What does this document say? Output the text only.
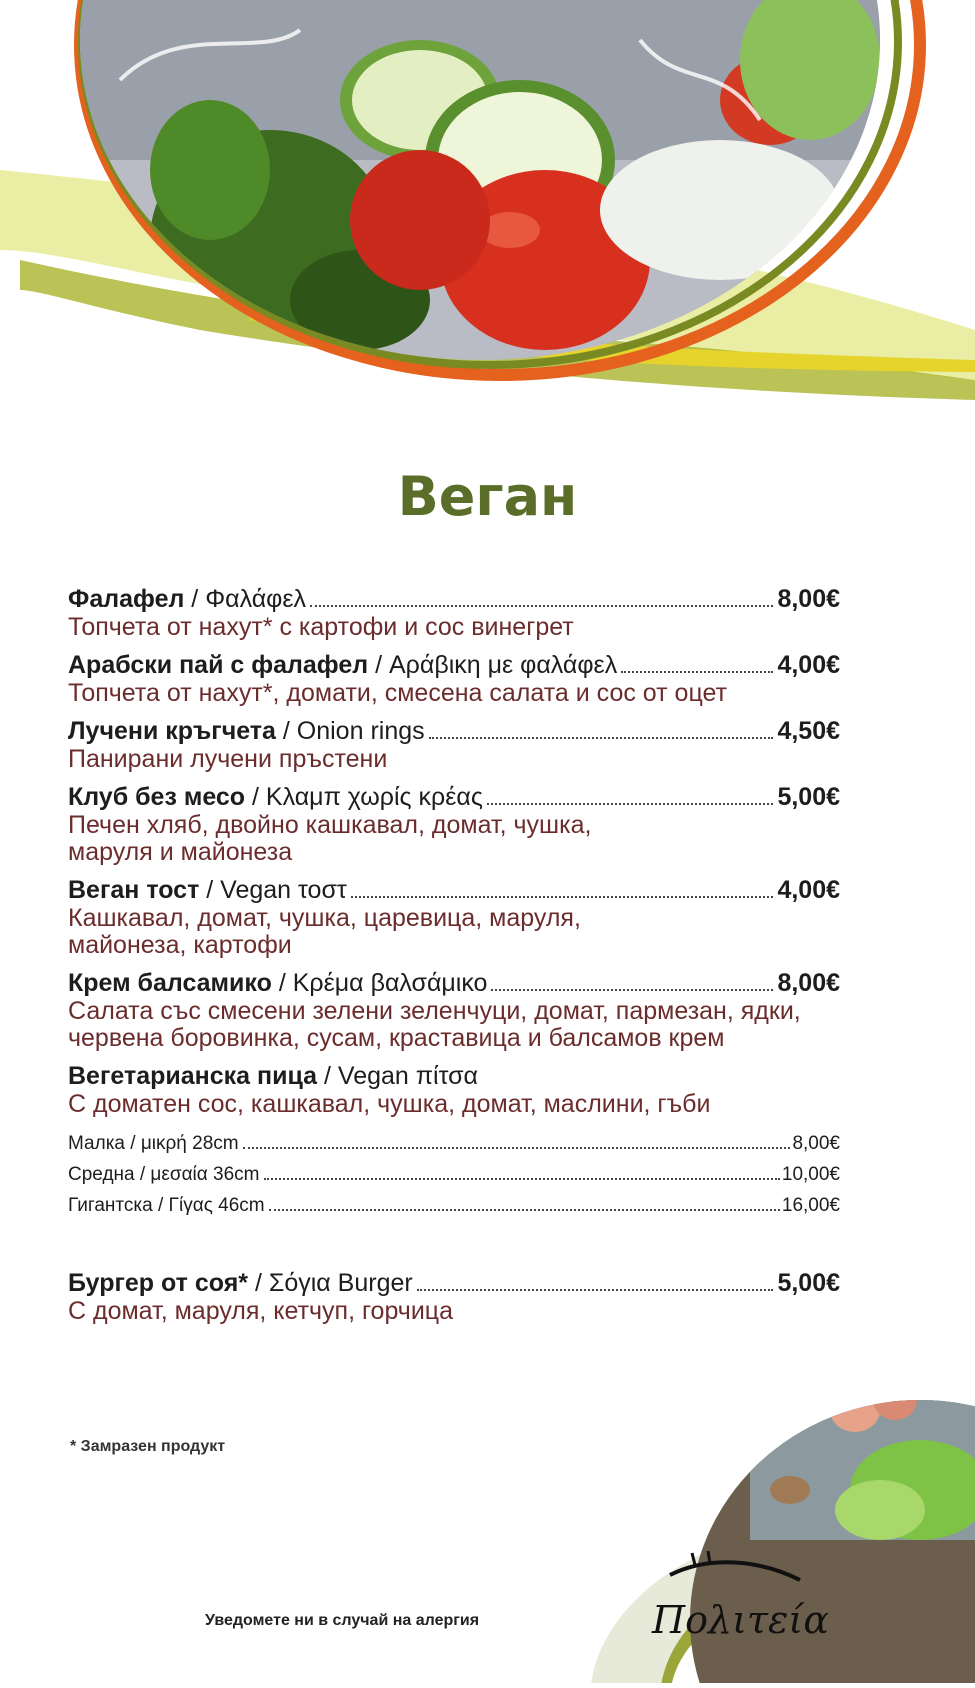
Веган
Фалафел / Φαλάφελ	8,00€
Топчета от нахут* с картофи и сос винегрет
Арабски пай с фалафел / Αράβικη με φαλάφελ	4,00€
Топчета от нахут*, домати, смесена салата и сос от оцет
Лучени кръгчета / Onion rings	4,50€
Панирани лучени пръстени
Клуб без месо / Κλαμπ χωρίς κρέας	5,00€
Печен хляб, двойно кашкавал, домат, чушка,
маруля и майонеза
Веган тост / Vegan τοστ	4,00€
Кашкавал, домат, чушка, царевица, маруля,
майонеза, картофи
Крем балсамико / Κρέμα βαλσάμικο	8,00€
Салата със смесени зелени зеленчуци, домат, пармезан, ядки,
червена боровинка, сусам, краставица и балсамов крем
Вегетарианска пица / Vegan πίτσα
С доматен сос, кашкавал, чушка, домат, маслини, гъби
Малка / μικρή 28cm	8,00€
Средна / μεσαία 36cm	10,00€
Гигантска / Γίγας 46cm	16,00€
Бургер от соя* / Σόγια Burger	5,00€
С домат, маруля, кетчуп, горчица
* Замразен продукт
Уведомете ни в случай на алергия	Πολιτεία
